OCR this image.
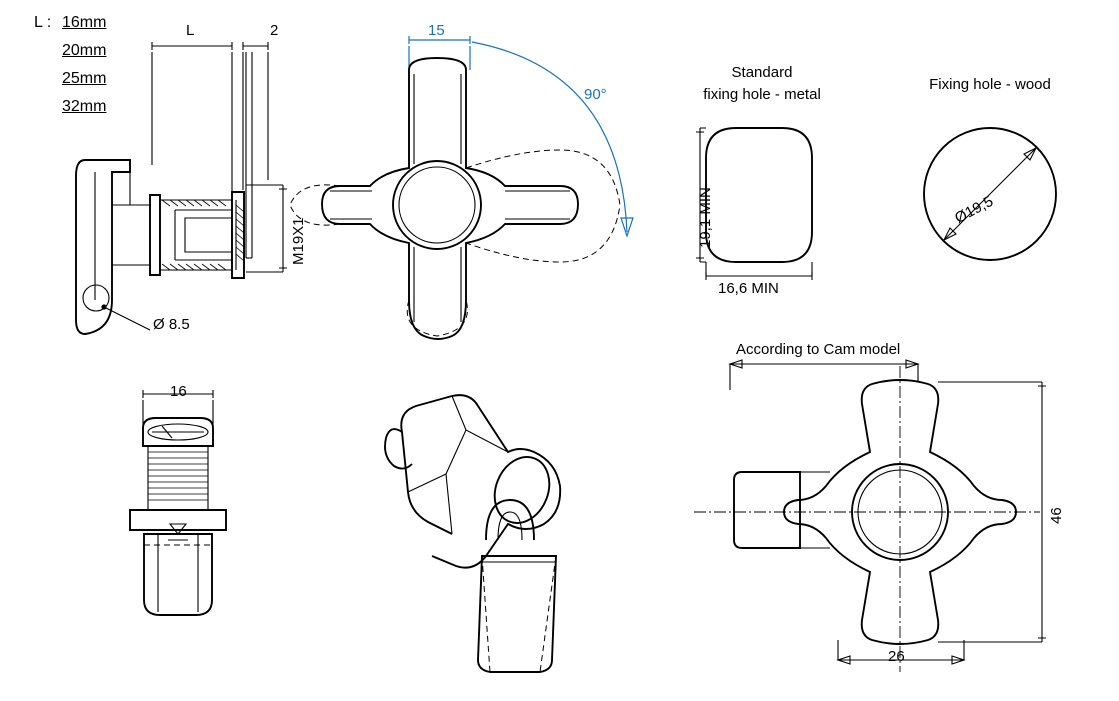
L : 16mm
20mm
25mm
32mm
L	2
M19X1
Ø 8.5
15
90°
16
Standard
fixing hole - metal
19,1 MIN
16,6 MIN
Fixing hole - wood
Ø19,5
According to Cam model
46
26
